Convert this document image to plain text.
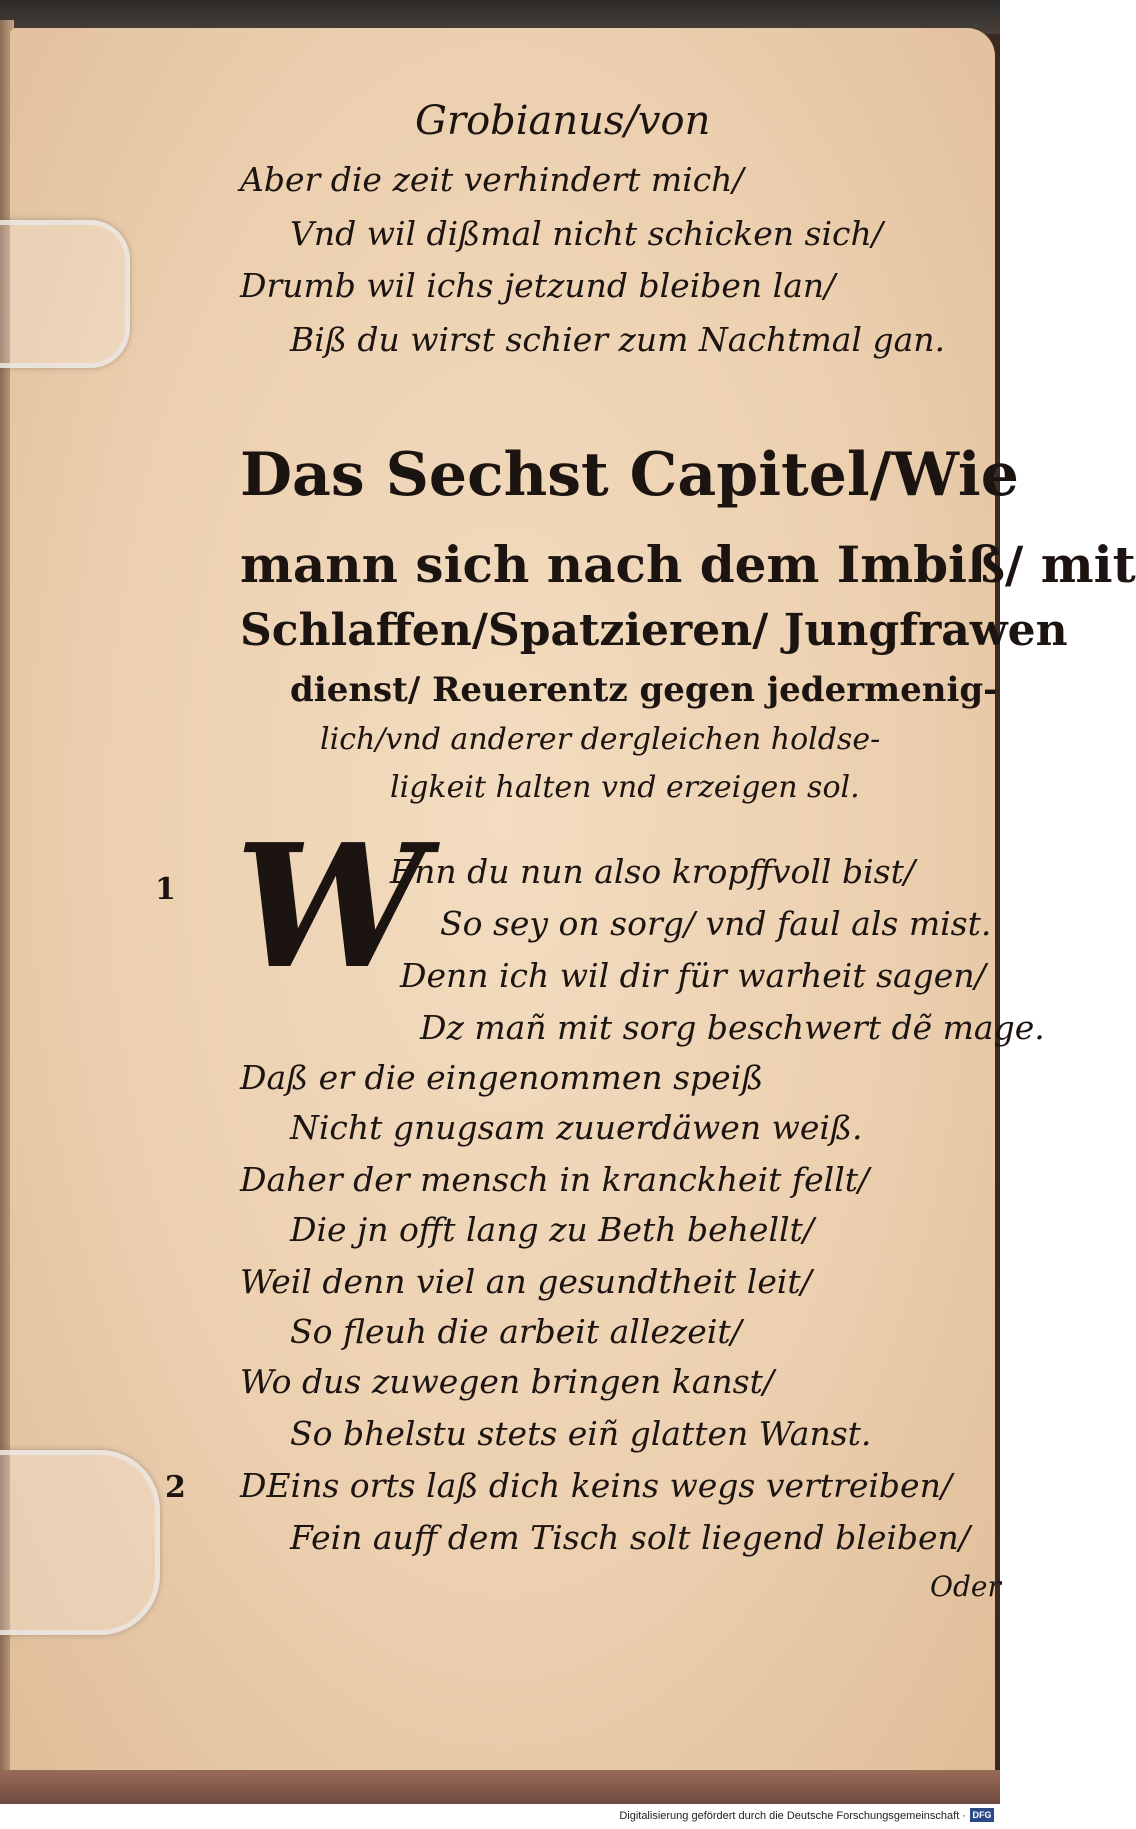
Grobianus/von
Aber die zeit verhindert mich/
Vnd wil dißmal nicht schicken sich/
Drumb wil ichs jetzund bleiben lan/
Biß du wirst schier zum Nachtmal gan.
Das Sechst Capitel/Wie
mann sich nach dem Imbiß/ mit
Schlaffen/Spatzieren/ Jungfrawen
dienst/ Reuerentz gegen jedermenig-
lich/vnd anderer dergleichen holdse-
ligkeit halten vnd erzeigen sol.
1
2
W
Enn du nun also kropffvoll bist/
So sey on sorg/ vnd faul als mist.
Denn ich wil dir für warheit sagen/
Dz mañ mit sorg beschwert dẽ mage.
Daß er die eingenommen speiß
Nicht gnugsam zuuerdäwen weiß.
Daher der mensch in kranckheit fellt/
Die jn offt lang zu Beth behellt/
Weil denn viel an gesundtheit leit/
So fleuh die arbeit allezeit/
Wo dus zuwegen bringen kanst/
So bhelstu stets eiñ glatten Wanst.
DEins orts laß dich keins wegs vertreiben/
Fein auff dem Tisch solt liegend bleiben/
Oder
Digitalisierung gefördert durch die Deutsche Forschungsgemeinschaft · DFG
